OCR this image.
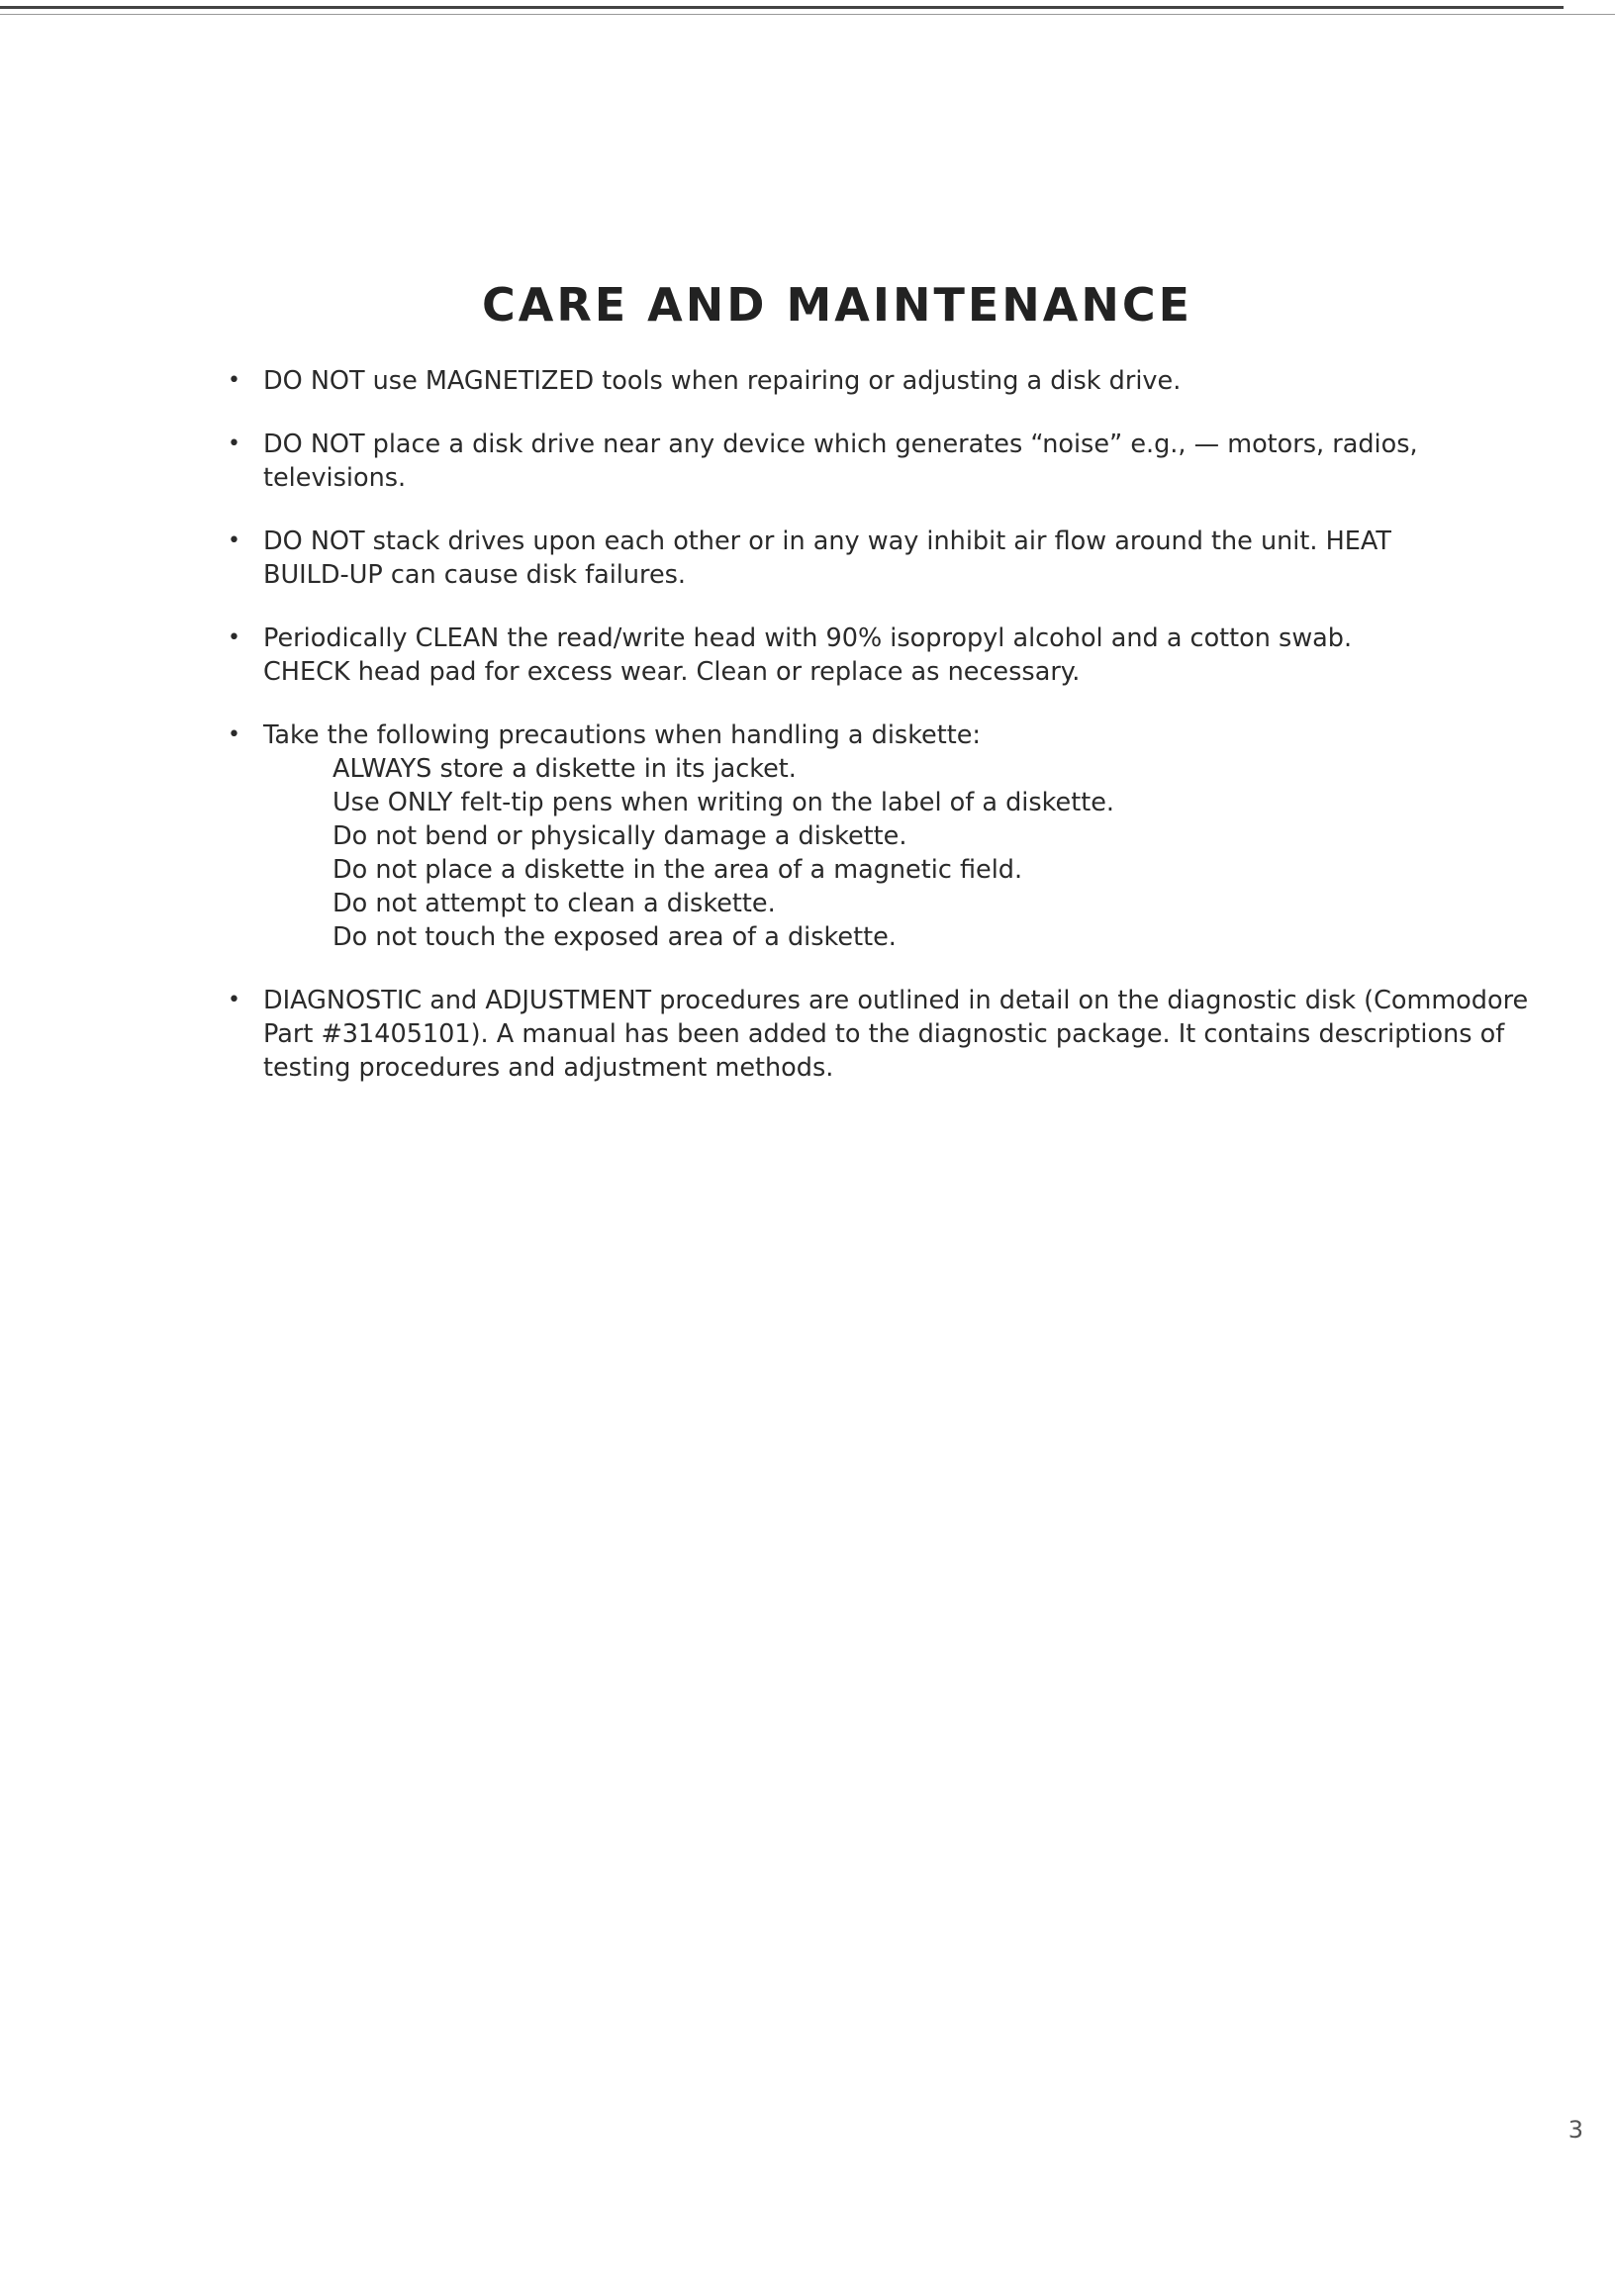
CARE AND MAINTENANCE
• DO NOT use MAGNETIZED tools when repairing or adjusting a disk drive.
• DO NOT place a disk drive near any device which generates “noise” e.g., — motors, radios,
televisions.
• DO NOT stack drives upon each other or in any way inhibit air flow around the unit. HEAT
BUILD-UP can cause disk failures.
• Periodically CLEAN the read/write head with 90% isopropyl alcohol and a cotton swab.
CHECK head pad for excess wear. Clean or replace as necessary.
• Take the following precautions when handling a diskette:
ALWAYS store a diskette in its jacket.
Use ONLY felt-tip pens when writing on the label of a diskette.
Do not bend or physically damage a diskette.
Do not place a diskette in the area of a magnetic field.
Do not attempt to clean a diskette.
Do not touch the exposed area of a diskette.
• DIAGNOSTIC and ADJUSTMENT procedures are outlined in detail on the diagnostic disk (Commodore
Part #31405101). A manual has been added to the diagnostic package. It contains descriptions of
testing procedures and adjustment methods.
3
